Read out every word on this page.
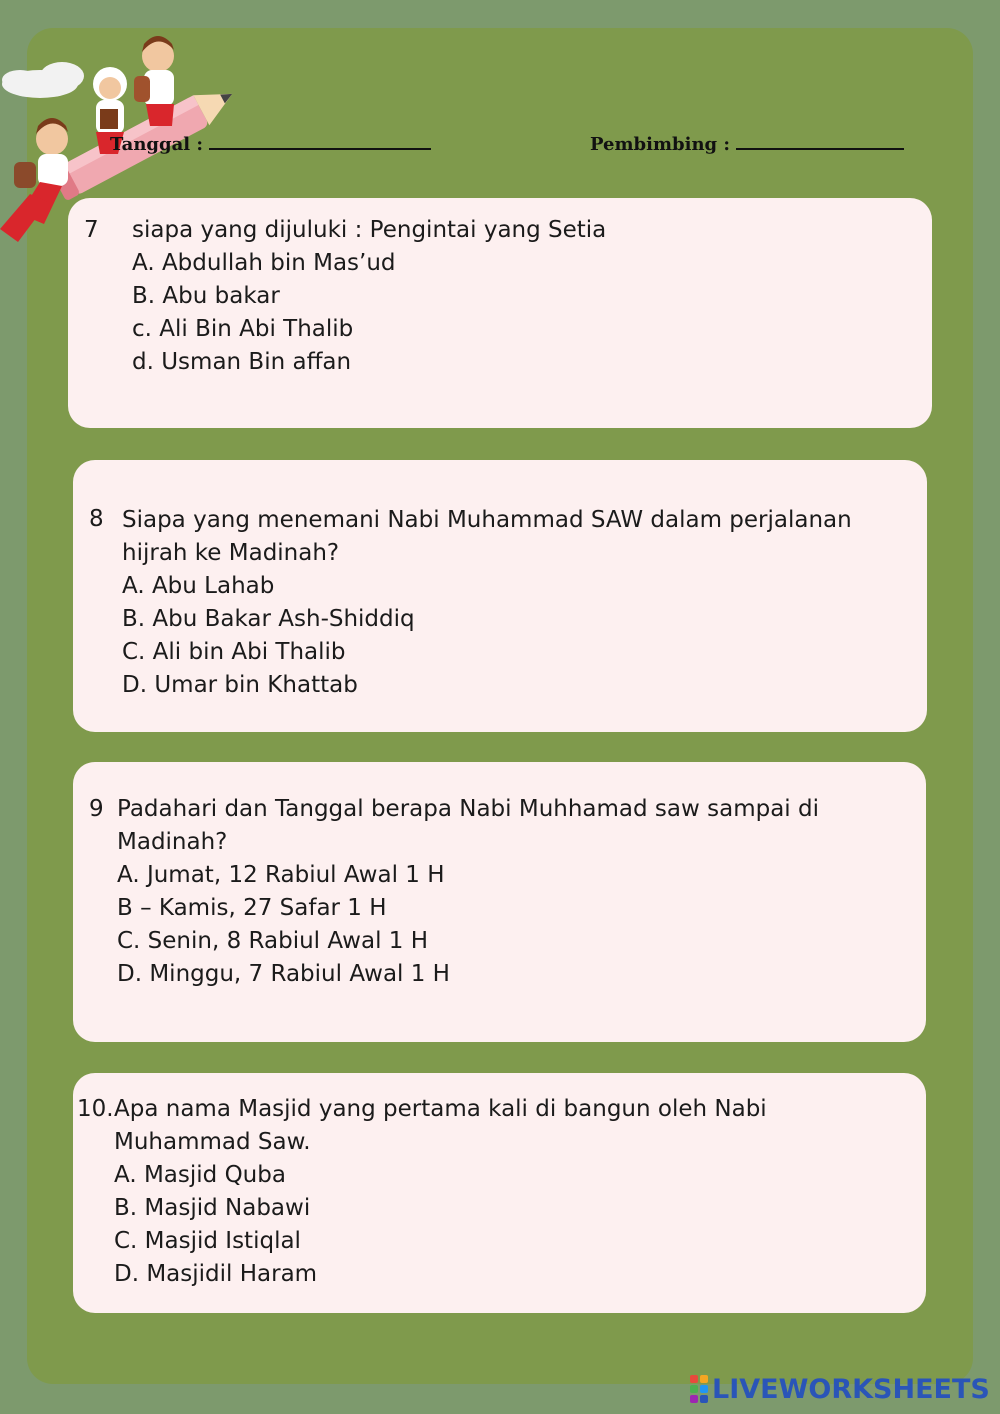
Tanggal :	Pembimbing :
7 siapa yang dijuluki : Pengintai yang Setia
A. Abdullah bin Mas’ud
B. Abu bakar
c. Ali Bin Abi Thalib
d. Usman Bin affan
8 Siapa yang menemani Nabi Muhammad SAW dalam perjalanan
hijrah ke Madinah?
A. Abu Lahab
B. Abu Bakar Ash-Shiddiq
C. Ali bin Abi Thalib
D. Umar bin Khattab
9 Padahari dan Tanggal berapa Nabi Muhhamad saw sampai di
Madinah?
A. Jumat, 12 Rabiul Awal 1 H
B – Kamis, 27 Safar 1 H
C. Senin, 8 Rabiul Awal 1 H
D. Minggu, 7 Rabiul Awal 1 H
10. Apa nama Masjid yang pertama kali di bangun oleh Nabi
Muhammad Saw.
A. Masjid Quba
B. Masjid Nabawi
C. Masjid Istiqlal
D. Masjidil Haram
LIVEWORKSHEETS
